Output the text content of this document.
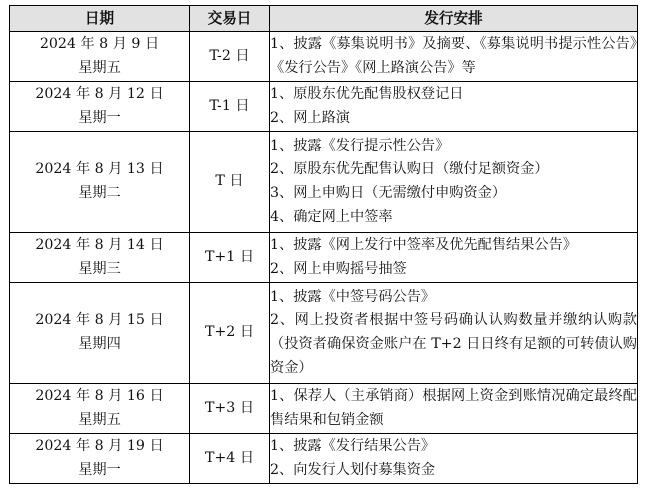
日期	交易日	发行安排

2024 年 8 月 9 日
星期五	T-2 日	1、披露《募集说明书》及摘要、《募集说明书提示性公告》《发行公告》《网上路演公告》等

2024 年 8 月 12 日
星期一	T-1 日	1、原股东优先配售股权登记日
2、网上路演

2024 年 8 月 13 日
星期二	T 日	1、披露《发行提示性公告》
2、原股东优先配售认购日（缴付足额资金）
3、网上申购日（无需缴付申购资金）
4、确定网上中签率

2024 年 8 月 14 日
星期三	T+1 日	1、披露《网上发行中签率及优先配售结果公告》
2、网上申购摇号抽签

2024 年 8 月 15 日
星期四	T+2 日	1、披露《中签号码公告》
2、网上投资者根据中签号码确认认购数量并缴纳认购款（投资者确保资金账户在 T+2 日日终有足额的可转债认购资金）

2024 年 8 月 16 日
星期五	T+3 日	1、保荐人（主承销商）根据网上资金到账情况确定最终配售结果和包销金额

2024 年 8 月 19 日
星期一	T+4 日	1、披露《发行结果公告》
2、向发行人划付募集资金
